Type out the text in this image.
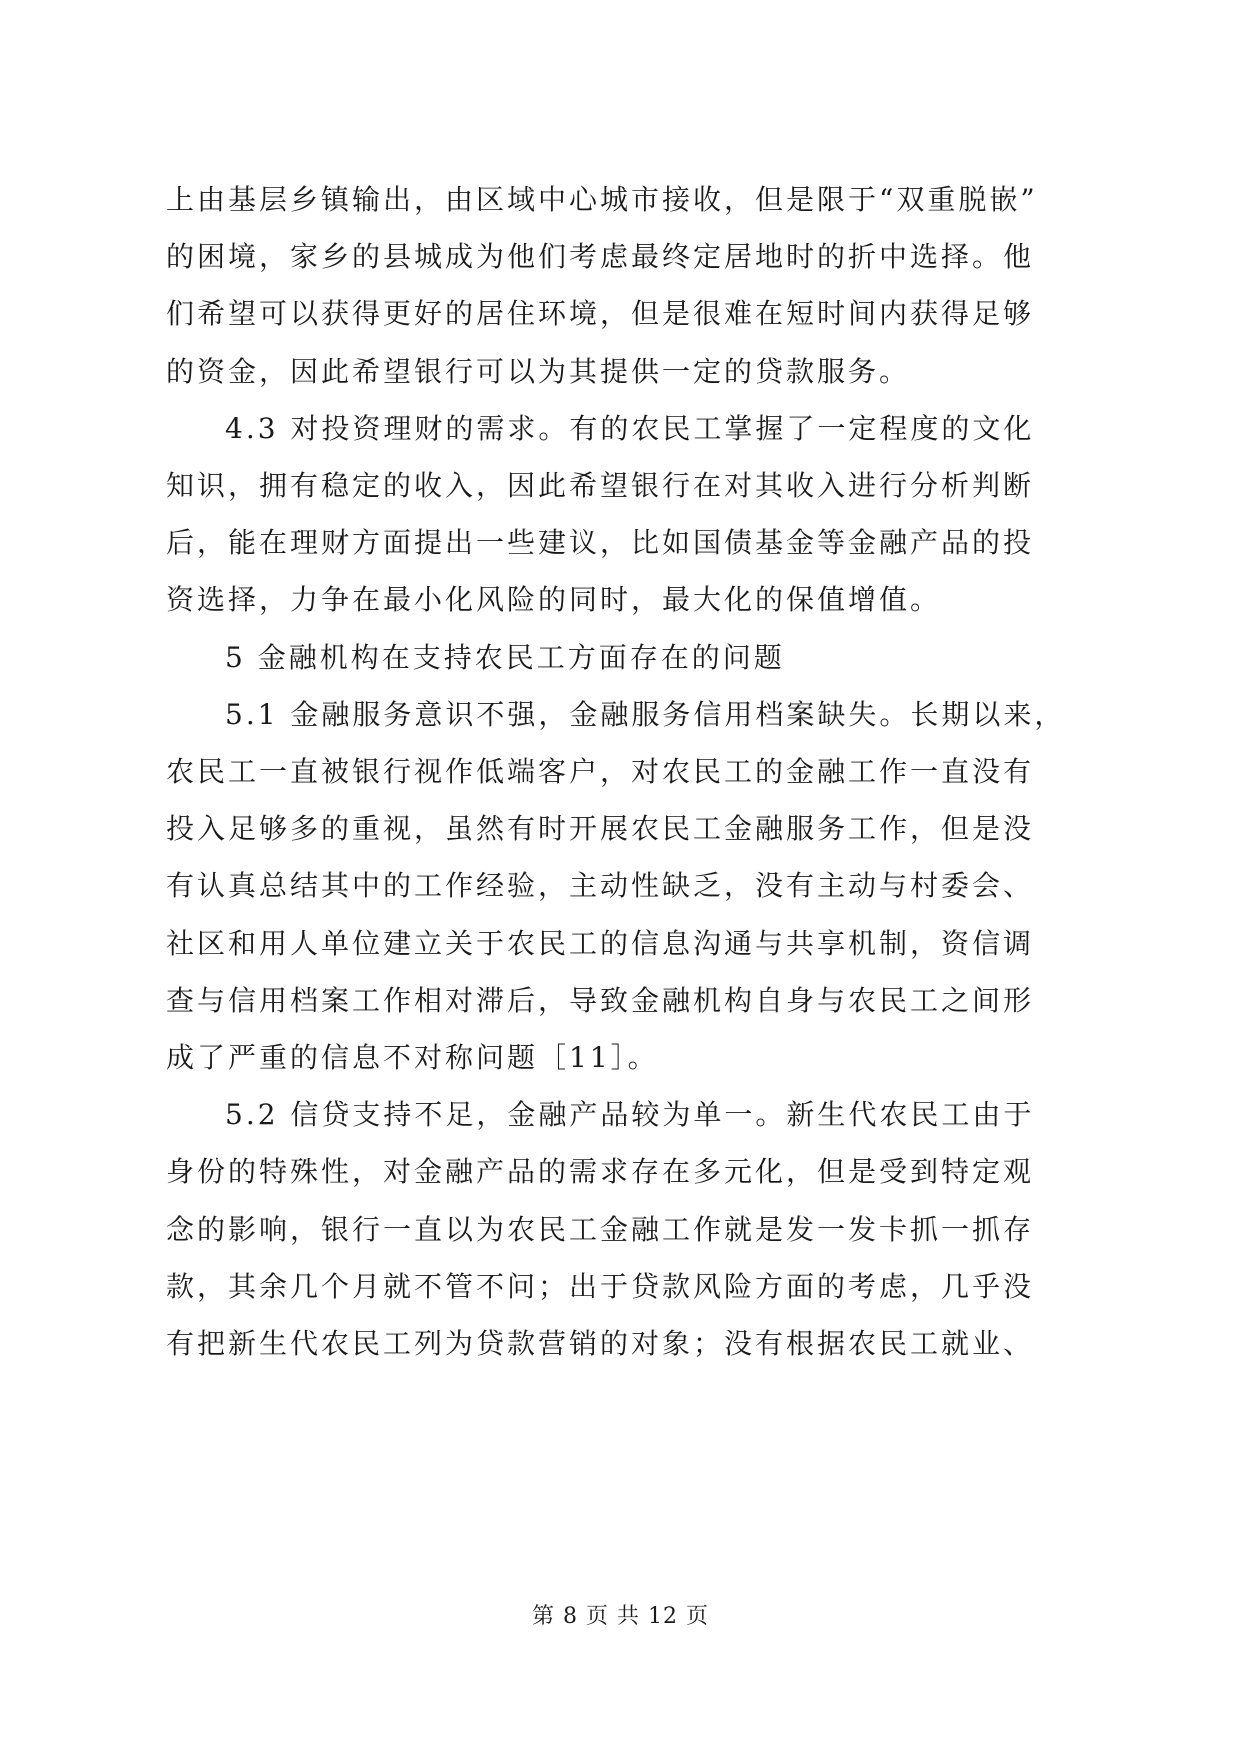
上由基层乡镇输出，由区域中心城市接收，但是限于“双重脱嵌”
的困境，家乡的县城成为他们考虑最终定居地时的折中选择。他
们希望可以获得更好的居住环境，但是很难在短时间内获得足够
的资金，因此希望银行可以为其提供一定的贷款服务。
4.3 对投资理财的需求。有的农民工掌握了一定程度的文化
知识，拥有稳定的收入，因此希望银行在对其收入进行分析判断
后，能在理财方面提出一些建议，比如国债基金等金融产品的投
资选择，力争在最小化风险的同时，最大化的保值增值。
5 金融机构在支持农民工方面存在的问题
5.1 金融服务意识不强，金融服务信用档案缺失。长期以来，
农民工一直被银行视作低端客户，对农民工的金融工作一直没有
投入足够多的重视，虽然有时开展农民工金融服务工作，但是没
有认真总结其中的工作经验，主动性缺乏，没有主动与村委会、
社区和用人单位建立关于农民工的信息沟通与共享机制，资信调
查与信用档案工作相对滞后，导致金融机构自身与农民工之间形
成了严重的信息不对称问题［11］。
5.2 信贷支持不足，金融产品较为单一。新生代农民工由于
身份的特殊性，对金融产品的需求存在多元化，但是受到特定观
念的影响，银行一直以为农民工金融工作就是发一发卡抓一抓存
款，其余几个月就不管不问；出于贷款风险方面的考虑，几乎没
有把新生代农民工列为贷款营销的对象；没有根据农民工就业、
第 8 页 共 12 页
